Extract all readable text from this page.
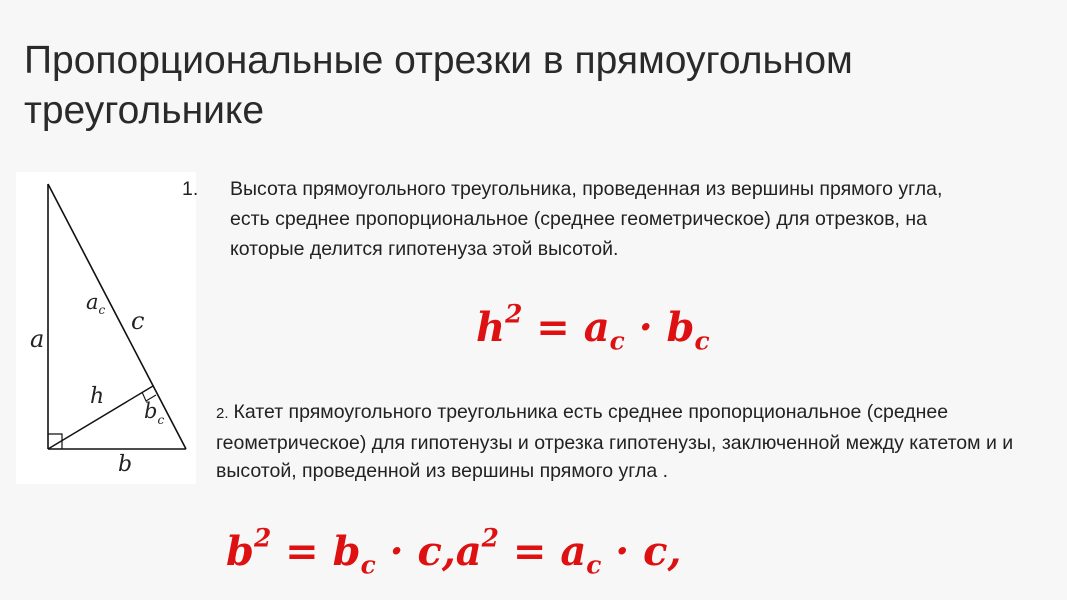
Пропорциональные отрезки в прямоугольном треугольнике
a
c
h
b
$a_c$
$b_c$
1. Высота прямоугольного треугольника, проведенная из вершины прямого угла, есть среднее пропорциональное (среднее геометрическое) для отрезков, на которые делится гипотенуза этой высотой.
$h^2 = a_c \cdot b_c$
2. Катет прямоугольного треугольника есть среднее пропорциональное (среднее геометрическое) для гипотенузы и отрезка гипотенузы, заключенной между катетом и и высотой, проведенной из вершины прямого угла .
$b^2 = b_c \cdot c,a^2 = a_c \cdot c$,
